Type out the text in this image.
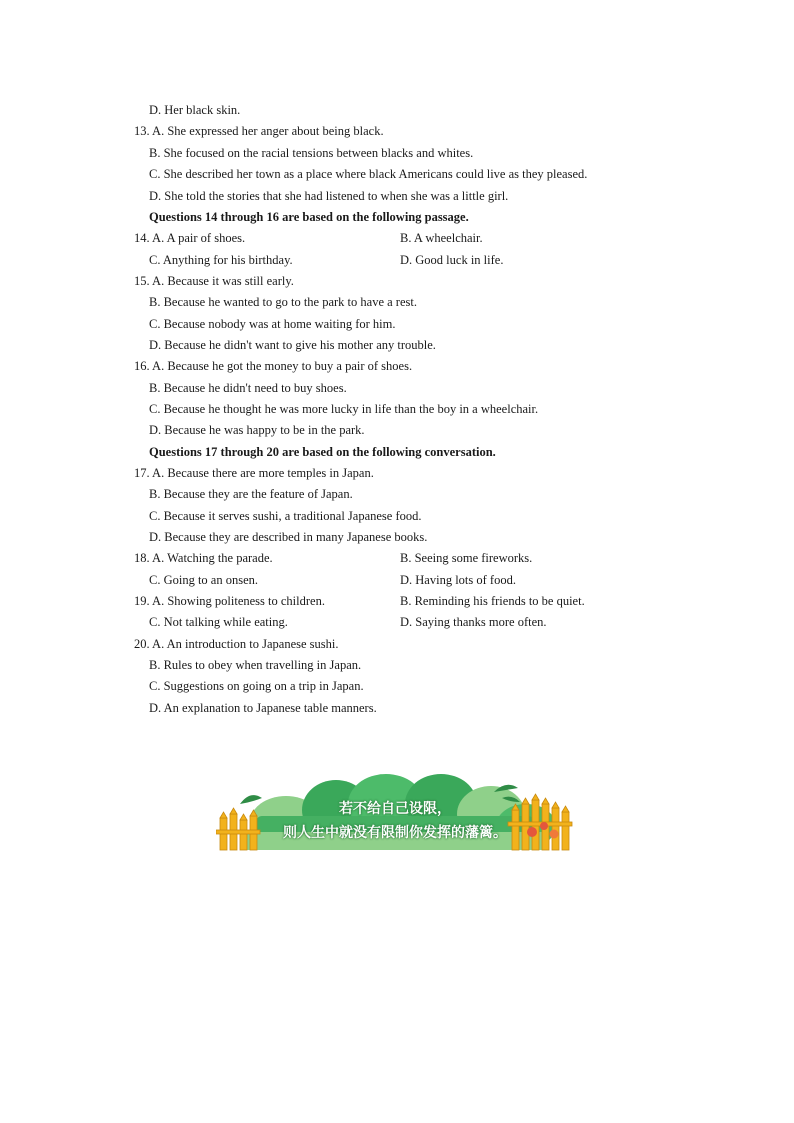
D. Her black skin.
13. A. She expressed her anger about being black.
B. She focused on the racial tensions between blacks and whites.
C. She described her town as a place where black Americans could live as they pleased.
D. She told the stories that she had listened to when she was a little girl.
Questions 14 through 16 are based on the following passage.
14. A. A pair of shoes.	B. A wheelchair.
C. Anything for his birthday.	D. Good luck in life.
15. A. Because it was still early.
B. Because he wanted to go to the park to have a rest.
C. Because nobody was at home waiting for him.
D. Because he didn't want to give his mother any trouble.
16. A. Because he got the money to buy a pair of shoes.
B. Because he didn't need to buy shoes.
C. Because he thought he was more lucky in life than the boy in a wheelchair.
D. Because he was happy to be in the park.
Questions 17 through 20 are based on the following conversation.
17. A. Because there are more temples in Japan.
B. Because they are the feature of Japan.
C. Because it serves sushi, a traditional Japanese food.
D. Because they are described in many Japanese books.
18. A. Watching the parade.	B. Seeing some fireworks.
C. Going to an onsen.	D. Having lots of food.
19. A. Showing politeness to children.	B. Reminding his friends to be quiet.
C. Not talking while eating.	D. Saying thanks more often.
20. A. An introduction to Japanese sushi.
B. Rules to obey when travelling in Japan.
C. Suggestions on going on a trip in Japan.
D. An explanation to Japanese table manners.
若不给自己设限，
则人生中就没有限制你发挥的藩篱。
